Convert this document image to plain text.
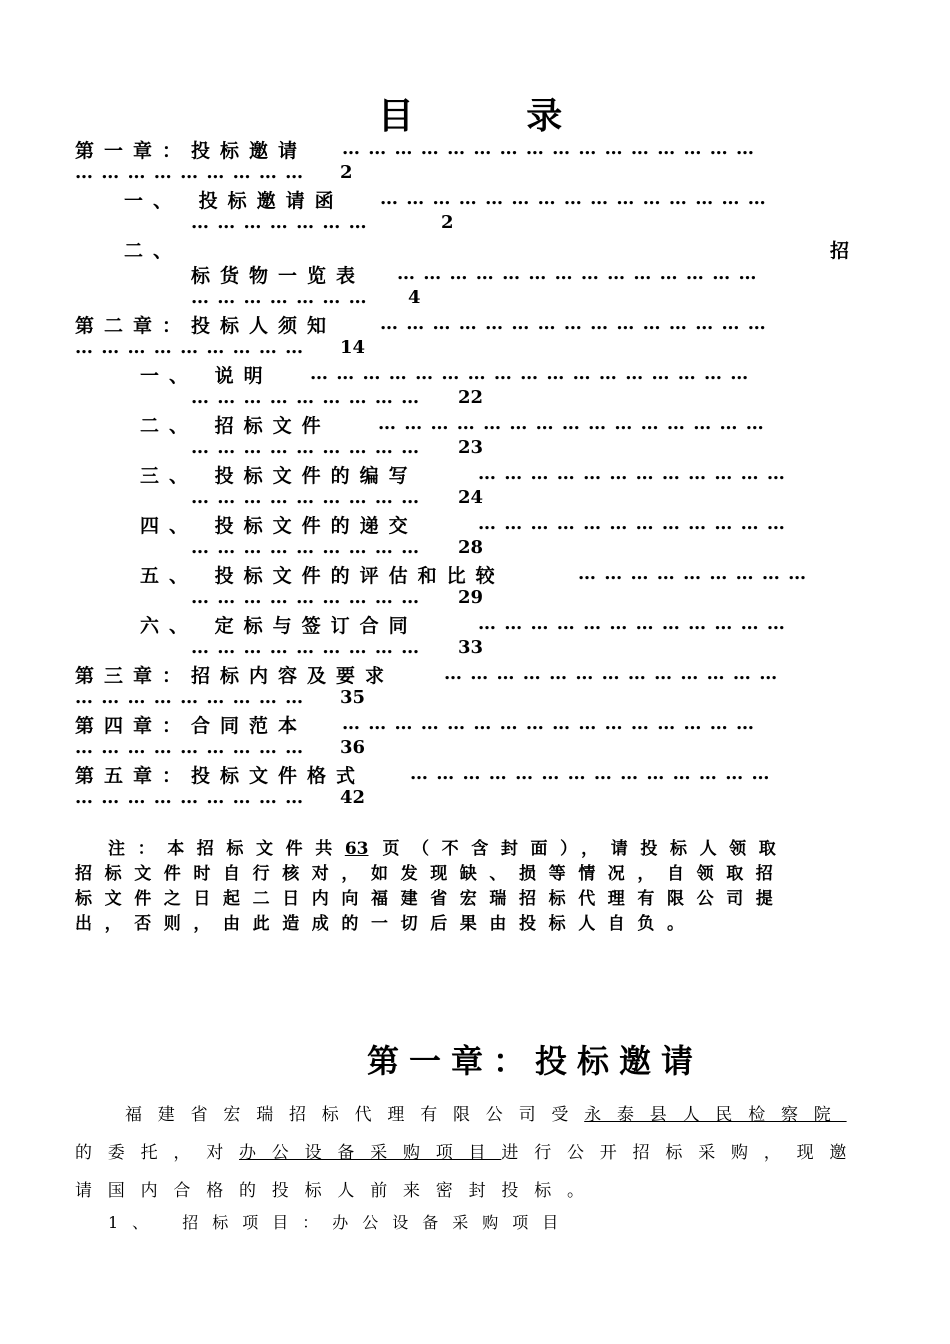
目 录
第一章：投标邀请 … … … … … … … … … … … … … … … …
… … … … … … … … … 2
一、 投标邀请函 … … … … … … … … … … … … … … …
… … … … … … …	2
二、	招
标货物一览表 … … … … … … … … … … … … … …
… … … … … … … 4
第二章：投标人须知 … … … … … … … … … … … … … … …
… … … … … … … … … 14
一、 说明 … … … … … … … … … … … … … … … … …
… … … … … … … … … 22
二、 招标文件	… … … … … … … … … … … … … … …
… … … … … … … … … 23
三、 投标文件的编写	… … … … … … … … … … … …
… … … … … … … … … 24
四、 投标文件的递交	… … … … … … … … … … … …
… … … … … … … … … 28
五、 投标文件的评估和比较	… … … … … … … … …
… … … … … … … … … 29
六、 定标与签订合同	… … … … … … … … … … … …
… … … … … … … … … 33
第三章：招标内容及要求	… … … … … … … … … … … … …
… … … … … … … … … 35
第四章：合同范本 … … … … … … … … … … … … … … … …
… … … … … … … … … 36
第五章：投标文件格式 … … … … … … … … … … … … … …
… … … … … … … … … 42
注：本招标文件共63 页（不含封面），请投标人领取
招标文件时自行核对，如发现缺、损等情况，自领取招
标文件之日起二日内向福建省宏瑞招标代理有限公司提
出，否则，由此造成的一切后果由投标人自负。
第一章：投标邀请
福建省宏瑞招标代理有限公司受永泰县人民检察院
的委托，对办公设备采购项目进行公开招标采购，现邀
请国内合格的投标人前来密封投标。
1、 招标项目：办公设备采购项目
